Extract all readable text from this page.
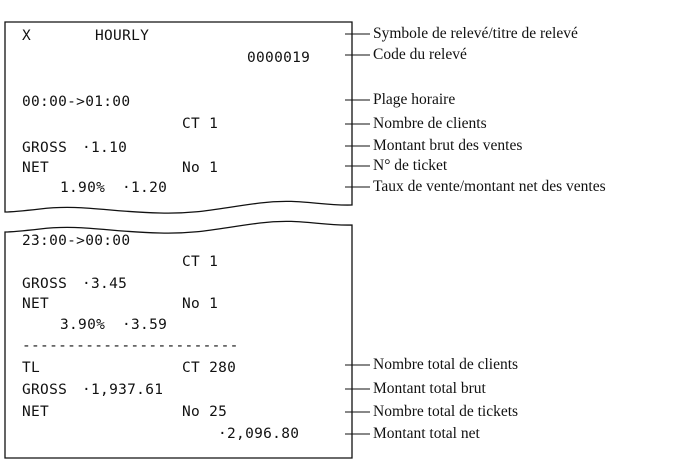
X	HOURLY
0000019
00:00->01:00
CT 1
GROSS ·1.10
NET	No 1
1.90% ·1.20
23:00->00:00
CT 1
GROSS ·3.45
NET	No 1
3.90% ·3.59
------------------------
TL	CT 280
GROSS ·1,937.61
NET	No 25
·2,096.80
Symbole de relevé/titre de relevé
Code du relevé
Plage horaire
Nombre de clients
Montant brut des ventes
N° de ticket
Taux de vente/montant net des ventes
Nombre total de clients
Montant total brut
Nombre total de tickets
Montant total net
